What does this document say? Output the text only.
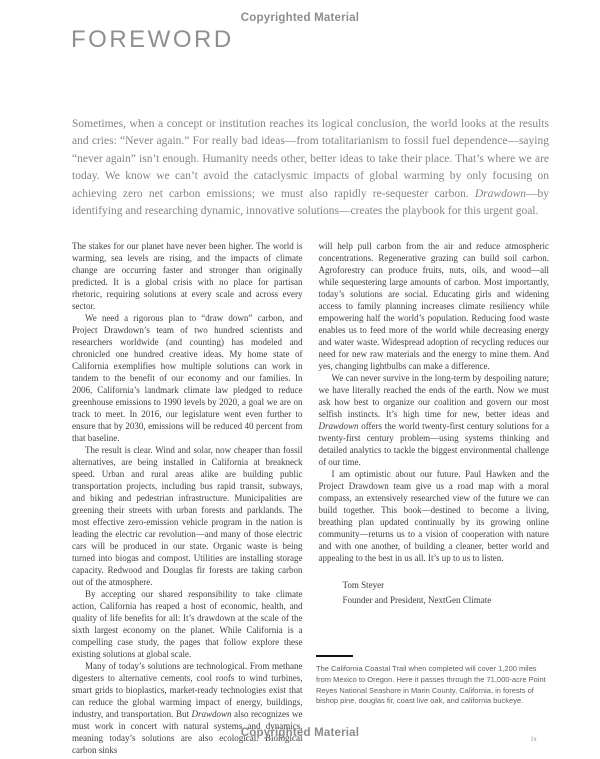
Copyrighted Material
FOREWORD
Sometimes, when a concept or institution reaches its logical conclusion, the world looks at the results and cries: “Never again.” For really bad ideas—from totalitarianism to fossil fuel dependence—saying “never again” isn’t enough. Humanity needs other, better ideas to take their place. That’s where we are today. We know we can’t avoid the cataclysmic impacts of global warming by only focusing on achieving zero net carbon emissions; we must also rapidly re-sequester carbon. Drawdown—by identifying and researching dynamic, innovative solutions—creates the playbook for this urgent goal.

The stakes for our planet have never been higher. The world is warming, sea levels are rising, and the impacts of climate change are occurring faster and stronger than originally predicted. It is a global crisis with no place for partisan rhetoric, requiring solutions at every scale and across every sector.

We need a rigorous plan to “draw down” carbon, and Project Drawdown’s team of two hundred scientists and researchers worldwide (and counting) has modeled and chronicled one hundred creative ideas. My home state of California exemplifies how multiple solutions can work in tandem to the benefit of our economy and our families. In 2006, California’s landmark climate law pledged to reduce greenhouse emissions to 1990 levels by 2020, a goal we are on track to meet. In 2016, our legislature went even further to ensure that by 2030, emissions will be reduced 40 percent from that baseline.

The result is clear. Wind and solar, now cheaper than fossil alternatives, are being installed in California at breakneck speed. Urban and rural areas alike are building public transportation projects, including bus rapid transit, subways, and biking and pedestrian infrastructure. Municipalities are greening their streets with urban forests and parklands. The most effective zero-emission vehicle program in the nation is leading the electric car revolution—and many of those electric cars will be produced in our state. Organic waste is being turned into biogas and compost. Utilities are installing storage capacity. Redwood and Douglas fir forests are taking carbon out of the atmosphere.

By accepting our shared responsibility to take climate action, California has reaped a host of economic, health, and quality of life benefits for all: It’s drawdown at the scale of the sixth largest economy on the planet. While California is a compelling case study, the pages that follow explore these existing solutions at global scale.

Many of today’s solutions are technological. From methane digesters to alternative cements, cool roofs to wind turbines, smart grids to bioplastics, market-ready technologies exist that can reduce the global warming impact of energy, buildings, industry, and transportation. But Drawdown also recognizes we must work in concert with natural systems and dynamics, meaning today’s solutions are also ecological. Biological carbon sinks

will help pull carbon from the air and reduce atmospheric concentrations. Regenerative grazing can build soil carbon. Agroforestry can produce fruits, nuts, oils, and wood—all while sequestering large amounts of carbon. Most importantly, today’s solutions are social. Educating girls and widening access to family planning increases climate resiliency while empowering half the world’s population. Reducing food waste enables us to feed more of the world while decreasing energy and water waste. Widespread adoption of recycling reduces our need for new raw materials and the energy to mine them. And yes, changing lightbulbs can make a difference.

We can never survive in the long-term by despoiling nature; we have literally reached the ends of the earth. Now we must ask how best to organize our coalition and govern our most selfish instincts. It’s high time for new, better ideas and Drawdown offers the world twenty-first century solutions for a twenty-first century problem—using systems thinking and detailed analytics to tackle the biggest environmental challenge of our time.

I am optimistic about our future. Paul Hawken and the Project Drawdown team give us a road map with a moral compass, an extensively researched view of the future we can build together. This book—destined to become a living, breathing plan updated continually by its growing online community—returns us to a vision of cooperation with nature and with one another, of building a cleaner, better world and appealing to the best in us all. It’s up to us to listen.

Tom Steyer
Founder and President, NextGen Climate
The California Coastal Trail when completed will cover 1,200 miles from Mexico to Oregon. Here it passes through the 71,000-acre Point Reyes National Seashore in Marin County, California, in forests of bishop pine, douglas fir, coast live oak, and california buckeye.
Copyrighted Material	ix
